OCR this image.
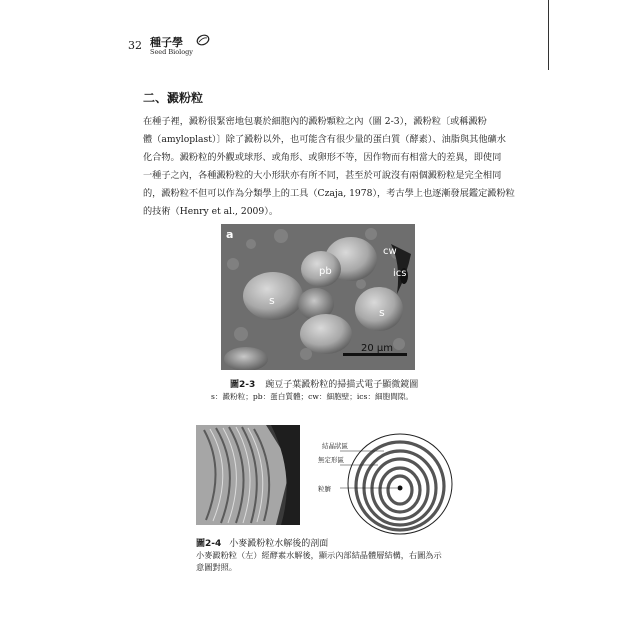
32 種子學
Seed Biology
二、澱粉粒
在種子裡，澱粉很緊密地包裹於細胞內的澱粉顆粒之內（圖 2-3），澱粉粒〔或稱澱粉
體（amyloplast）〕除了澱粉以外，也可能含有很少量的蛋白質（酵素）、油脂與其他礦水
化合物。澱粉粒的外觀或球形、或角形、或卵形不等，因作物而有相當大的差異，即使同
一種子之內，各種澱粉粒的大小形狀亦有所不同，甚至於可說沒有兩個澱粉粒是完全相同
的，澱粉粒不但可以作為分類學上的工具（Czaja, 1978），考古學上也逐漸發展鑑定澱粉粒
的技術（Henry et al., 2009）。
a
pb
cw
ics
s
s
20 µm
圖2-3 豌豆子葉澱粉粒的掃描式電子顯微鏡圖
s：澱粉粒；pb：蛋白質體；cw：細胞壁；ics：細胞間隙。
結晶狀區
無定形區
粒臍
圖2-4 小麥澱粉粒水解後的剖面
小麥澱粉粒（左）經酵素水解後，顯示內部結晶體層結構，右圖為示
意圖對照。
